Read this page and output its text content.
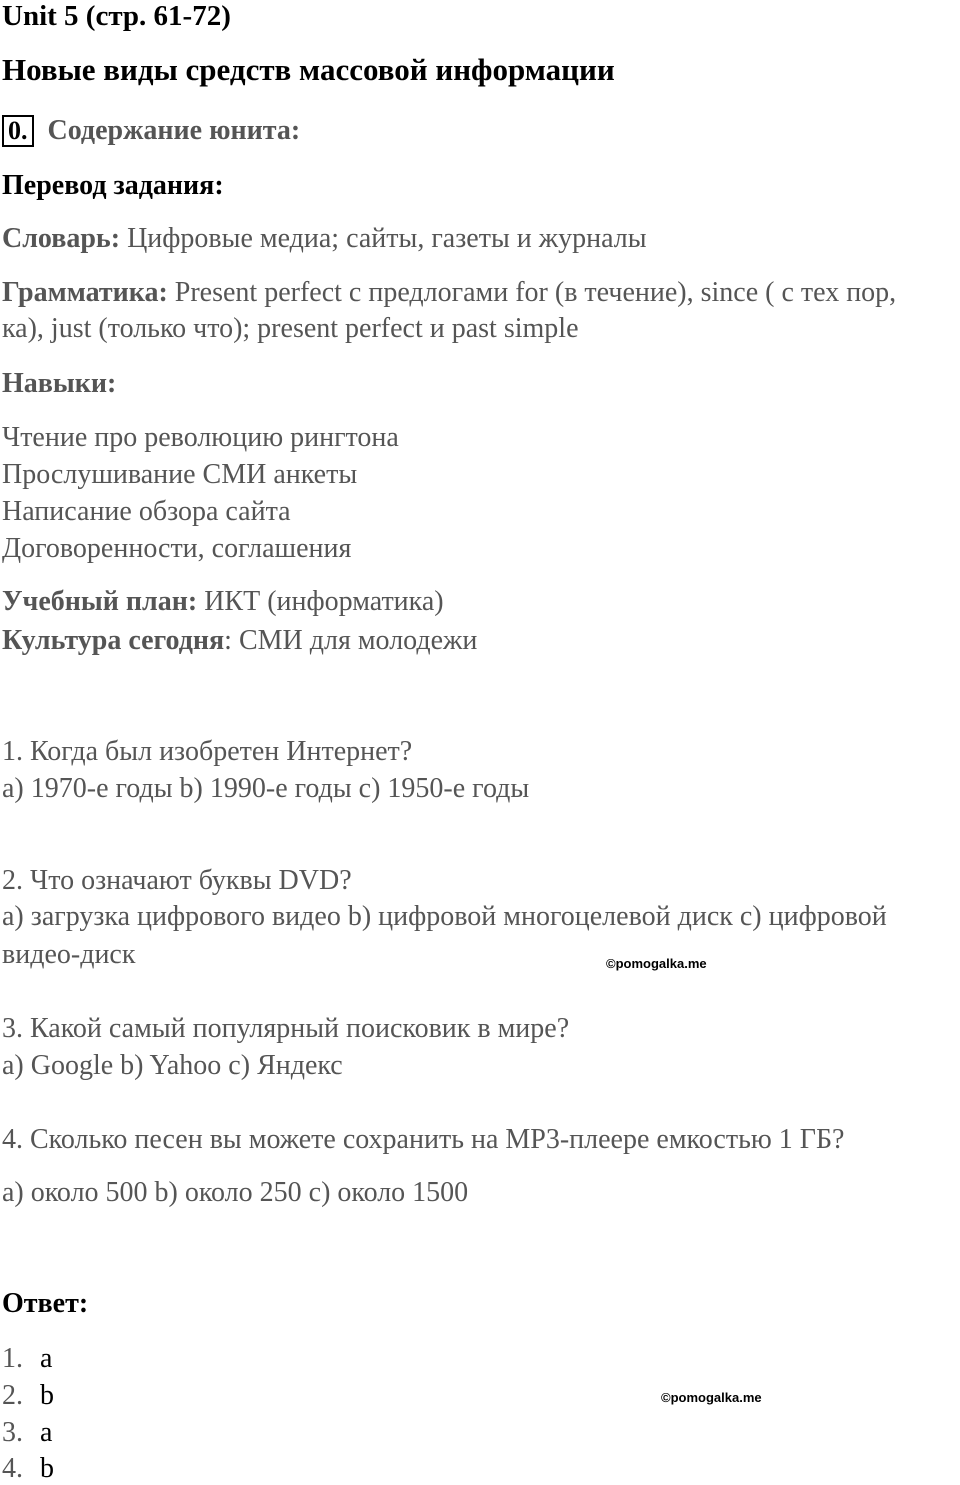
Unit 5 (стр. 61-72)
Новые виды средств массовой информации
0. Содержание юнита:
Перевод задания:
Словарь: Цифровые медиа; сайты, газеты и журналы
Грамматика: Present perfect с предлогами for (в течение), since ( с тех пор,
ка), just (только что); present perfect и past simple
Навыки:
Чтение про революцию рингтона
Прослушивание СМИ анкеты
Написание обзора сайта
Договоренности, соглашения
Учебный план: ИКТ (информатика)
Культура сегодня: СМИ для молодежи
1. Когда был изобретен Интернет?
a) 1970-е годы b) 1990-е годы c) 1950-е годы
2. Что означают буквы DVD?
a) загрузка цифрового видео b) цифровой многоцелевой диск c) цифровой
видео-диск	©pomogalka.me
3. Какой самый популярный поисковик в мире?
a) Google b) Yahoo c) Яндекс
4. Сколько песен вы можете сохранить на MP3-плеере емкостью 1 ГБ?
a) около 500 b) около 250 c) около 1500
Ответ:
1. a
2. b	©pomogalka.me
3. a
4. b
